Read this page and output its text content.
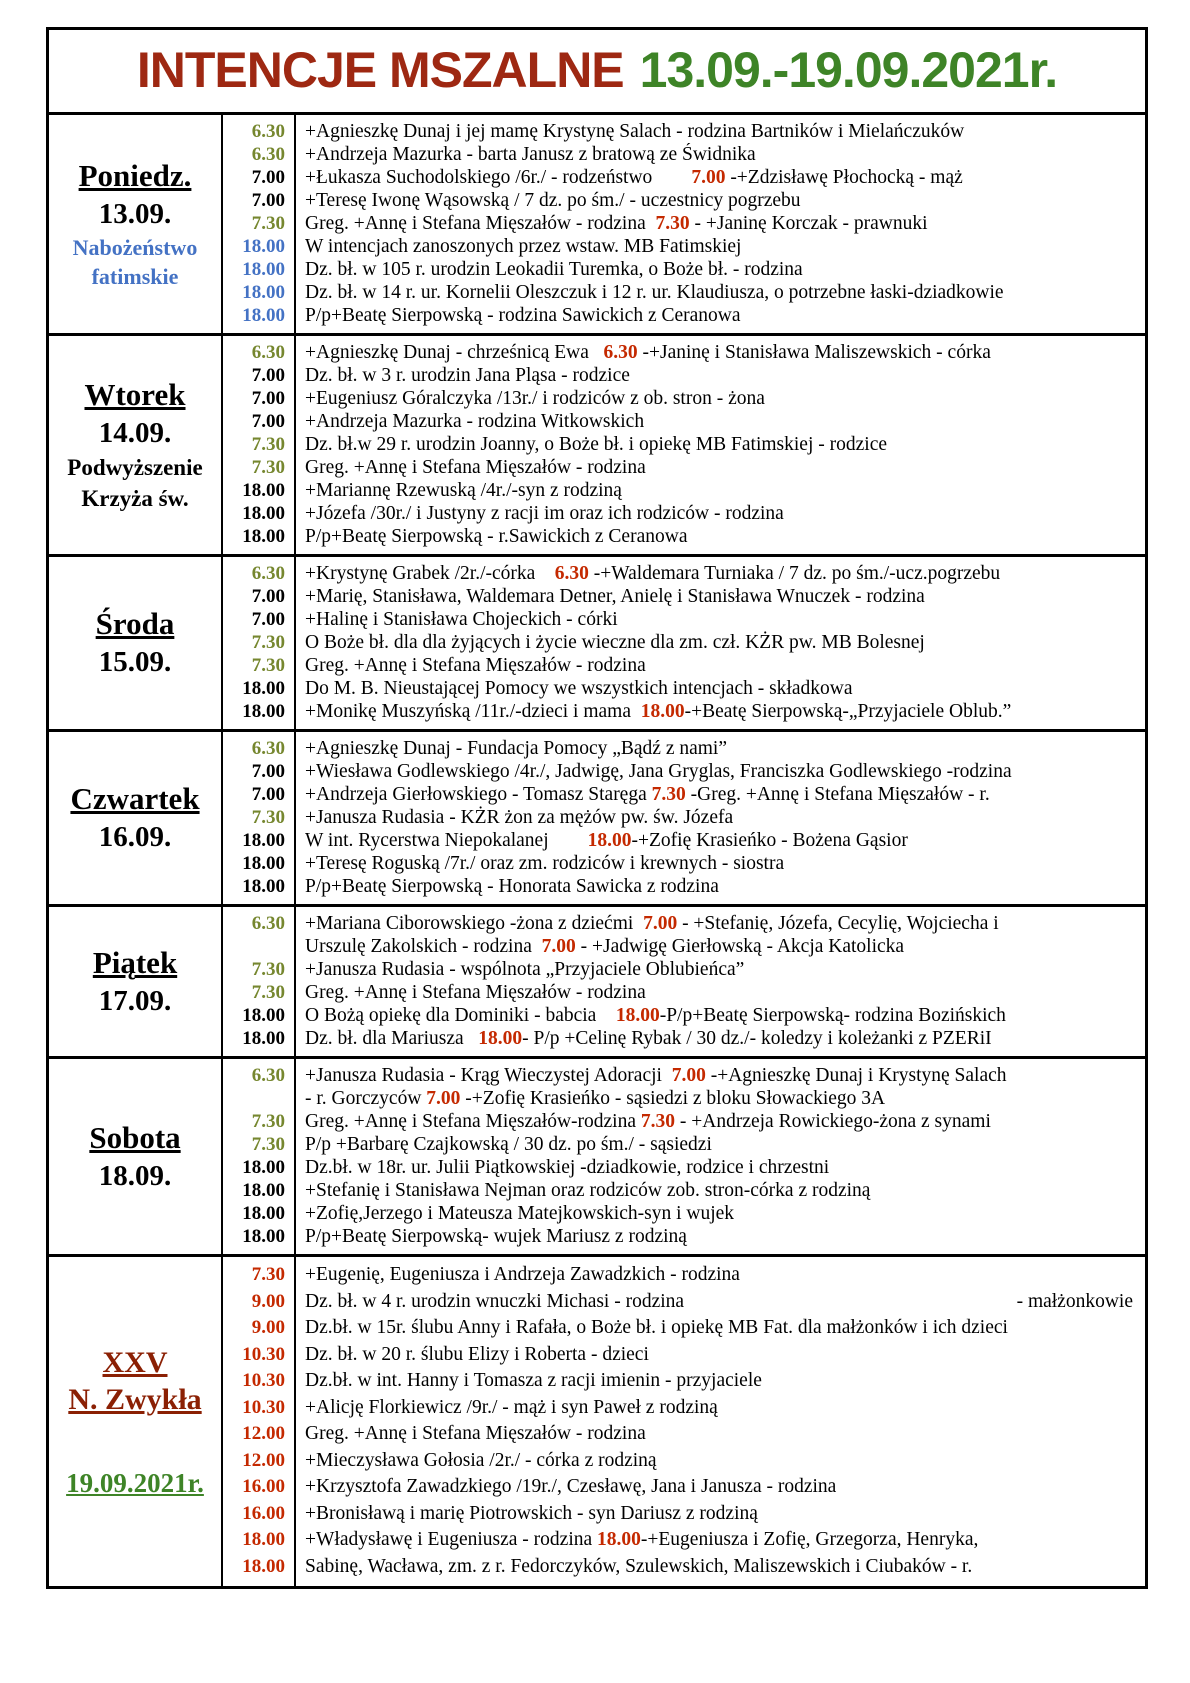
INTENCJE MSZALNE 13.09.-19.09.2021r.
Poniedz.
13.09.
Nabożeństwo
fatimskie
6.30	+Agnieszkę Dunaj i jej mamę Krystynę Salach - rodzina Bartników i Mielańczuków
6.30	+Andrzeja Mazurka - barta Janusz z bratową ze Świdnika
7.00	+Łukasza Suchodolskiego /6r./ - rodzeństwo        7.00 -+Zdzisławę Płochocką - mąż
7.00	+Teresę Iwonę Wąsowską / 7 dz. po śm./ - uczestnicy pogrzebu
7.30	Greg. +Annę i Stefana Mięszałów - rodzina  7.30 - +Janinę Korczak - prawnuki
18.00	W intencjach zanoszonych przez wstaw. MB Fatimskiej
18.00	Dz. bł. w 105 r. urodzin Leokadii Turemka, o Boże bł. - rodzina
18.00	Dz. bł. w 14 r. ur. Kornelii Oleszczuk i 12 r. ur. Klaudiusza, o potrzebne łaski-dziadkowie
18.00	P/p+Beatę Sierpowską - rodzina Sawickich z Ceranowa
Wtorek
14.09.
Podwyższenie
Krzyża św.
6.30	+Agnieszkę Dunaj - chrześnicą Ewa   6.30 -+Janinę i Stanisława Maliszewskich - córka
7.00	Dz. bł. w 3 r. urodzin Jana Pląsa - rodzice
7.00	+Eugeniusz Góralczyka /13r./ i rodziców z ob. stron - żona
7.00	+Andrzeja Mazurka - rodzina Witkowskich
7.30	Dz. bł.w 29 r. urodzin Joanny, o Boże bł. i opiekę MB Fatimskiej - rodzice
7.30	Greg. +Annę i Stefana Mięszałów - rodzina
18.00	+Mariannę Rzewuską /4r./-syn z rodziną
18.00	+Józefa /30r./ i Justyny z racji im oraz ich rodziców - rodzina
18.00	P/p+Beatę Sierpowską - r.Sawickich z Ceranowa
Środa
15.09.
6.30	+Krystynę Grabek /2r./-córka    6.30 -+Waldemara Turniaka / 7 dz. po śm./-ucz.pogrzebu
7.00	+Marię, Stanisława, Waldemara Detner, Anielę i Stanisława Wnuczek - rodzina
7.00	+Halinę i Stanisława Chojeckich - córki
7.30	O Boże bł. dla dla żyjących i życie wieczne dla zm. czł. KŻR pw. MB Bolesnej
7.30	Greg. +Annę i Stefana Mięszałów - rodzina
18.00	Do M. B. Nieustającej Pomocy we wszystkich intencjach - składkowa
18.00	+Monikę Muszyńską /11r./-dzieci i mama  18.00-+Beatę Sierpowską-„Przyjaciele Oblub.”
Czwartek
16.09.
6.30	+Agnieszkę Dunaj - Fundacja Pomocy „Bądź z nami”
7.00	+Wiesława Godlewskiego /4r./, Jadwigę, Jana Gryglas, Franciszka Godlewskiego -rodzina
7.00	+Andrzeja Gierłowskiego - Tomasz Staręga 7.30 -Greg. +Annę i Stefana Mięszałów - r.
7.30	+Janusza Rudasia - KŻR żon za mężów pw. św. Józefa
18.00	W int. Rycerstwa Niepokalanej        18.00-+Zofię Krasieńko - Bożena Gąsior
18.00	+Teresę Roguską /7r./ oraz zm. rodziców i krewnych - siostra
18.00	P/p+Beatę Sierpowską - Honorata Sawicka z rodzina
Piątek
17.09.
6.30	+Mariana Ciborowskiego -żona z dziećmi  7.00 - +Stefanię, Józefa, Cecylię, Wojciecha i
Urszulę Zakolskich - rodzina  7.00 - +Jadwigę Gierłowską - Akcja Katolicka
7.30	+Janusza Rudasia - wspólnota „Przyjaciele Oblubieńca”
7.30	Greg. +Annę i Stefana Mięszałów - rodzina
18.00	O Bożą opiekę dla Dominiki - babcia    18.00-P/p+Beatę Sierpowską- rodzina Bozińskich
18.00	Dz. bł. dla Mariusza   18.00- P/p +Celinę Rybak / 30 dz./- koledzy i koleżanki z PZERiI
Sobota
18.09.
6.30	+Janusza Rudasia - Krąg Wieczystej Adoracji  7.00 -+Agnieszkę Dunaj i Krystynę Salach
- r. Gorczyców 7.00 -+Zofię Krasieńko - sąsiedzi z bloku Słowackiego 3A
7.30	Greg. +Annę i Stefana Mięszałów-rodzina 7.30 - +Andrzeja Rowickiego-żona z synami
7.30	P/p +Barbarę Czajkowską / 30 dz. po śm./ - sąsiedzi
18.00	Dz.bł. w 18r. ur. Julii Piątkowskiej -dziadkowie, rodzice i chrzestni
18.00	+Stefanię i Stanisława Nejman oraz rodziców zob. stron-córka z rodziną
18.00	+Zofię,Jerzego i Mateusza Matejkowskich-syn i wujek
18.00	P/p+Beatę Sierpowską- wujek Mariusz z rodziną
XXV
N. Zwykła
19.09.2021r.
7.30	+Eugenię, Eugeniusza i Andrzeja Zawadzkich - rodzina
9.00	Dz. bł. w 4 r. urodzin wnuczki Michasi - rodzina	- małżonkowie
9.00	Dz.bł. w 15r. ślubu Anny i Rafała, o Boże bł. i opiekę MB Fat. dla małżonków i ich dzieci
10.30	Dz. bł. w 20 r. ślubu Elizy i Roberta - dzieci
10.30	Dz.bł. w int. Hanny i Tomasza z racji imienin - przyjaciele
10.30	+Alicję Florkiewicz /9r./ - mąż i syn Paweł z rodziną
12.00	Greg. +Annę i Stefana Mięszałów - rodzina
12.00	+Mieczysława Gołosia /2r./ - córka z rodziną
16.00	+Krzysztofa Zawadzkiego /19r./, Czesławę, Jana i Janusza - rodzina
16.00	+Bronisławą i marię Piotrowskich - syn Dariusz z rodziną
18.00	+Władysławę i Eugeniusza - rodzina 18.00-+Eugeniusza i Zofię, Grzegorza, Henryka,
18.00	Sabinę, Wacława, zm. z r. Fedorczyków, Szulewskich, Maliszewskich i Ciubaków - r.
